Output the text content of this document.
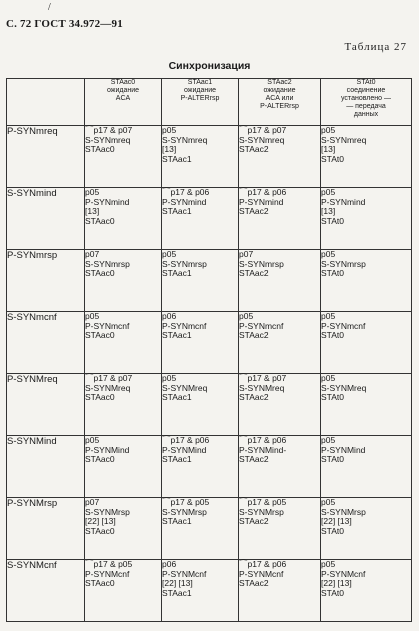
/
С. 72 ГОСТ 34.972—91
Таблица 27
Синхронизация

	STAac0
ожидание
ACA	STAac1
ожидание
P-ALTERrsp	STAac2
ожидание
ACA или
P-ALTERrsp	STAt0
соединение
установлено —
— передача
данных

P-SYNmreq	⌒p17 & p07
S-SYNmreq
STAac0	p05
S-SYNmreq
[13]
STAac1	⌒p17 & p07
S-SYNmreq
STAac2	p05
S-SYNmreq
[13]
STAt0

S-SYNmind	p05
P-SYNmind
[13]
STAac0	⌒p17 & p06
P-SYNmind
STAac1	⌒p17 & p06
P-SYNmind
STAac2	p05
P-SYNmind
[13]
STAt0

P-SYNmrsp	p07
S-SYNmrsp
STAac0	p05
S-SYNmrsp
STAac1	p07
S-SYNmrsp
STAac2	p05
S-SYNmrsp
STAt0

S-SYNmcnf	p05
P-SYNmcnf
STAac0	p06
P-SYNmcnf
STAac1	p05
P-SYNmcnf
STAac2	p05
P-SYNmcnf
STAt0

P-SYNMreq	⌒p17 & p07
S-SYNMreq
STAac0	p05
S-SYNMreq
STAac1	⌒p17 & p07
S-SYNMreq
STAac2	p05
S-SYNMreq
STAt0

S-SYNMind	p05
P-SYNMind
STAac0	⌒p17 & p06
P-SYNMind
STAac1	⌒p17 & p06
P-SYNMind-
STAac2	p05
P-SYNMind
STAt0

P-SYNMrsp	p07
S-SYNMrsp
[22] [13]
STAac0	⌒p17 & p05
S-SYNMrsp
STAac1	⌒p17 & p05
S-SYNMrsp
STAac2	p05
S-SYNMrsp
[22] [13]
STAt0

S-SYNMcnf	⌒p17 & p05
P-SYNMcnf
STAac0	p06
P-SYNMcnf
[22] [13]
STAac1	⌒p17 & p06
P-SYNMcnf
STAac2	p05
P-SYNMcnf
[22] [13]
STAt0
